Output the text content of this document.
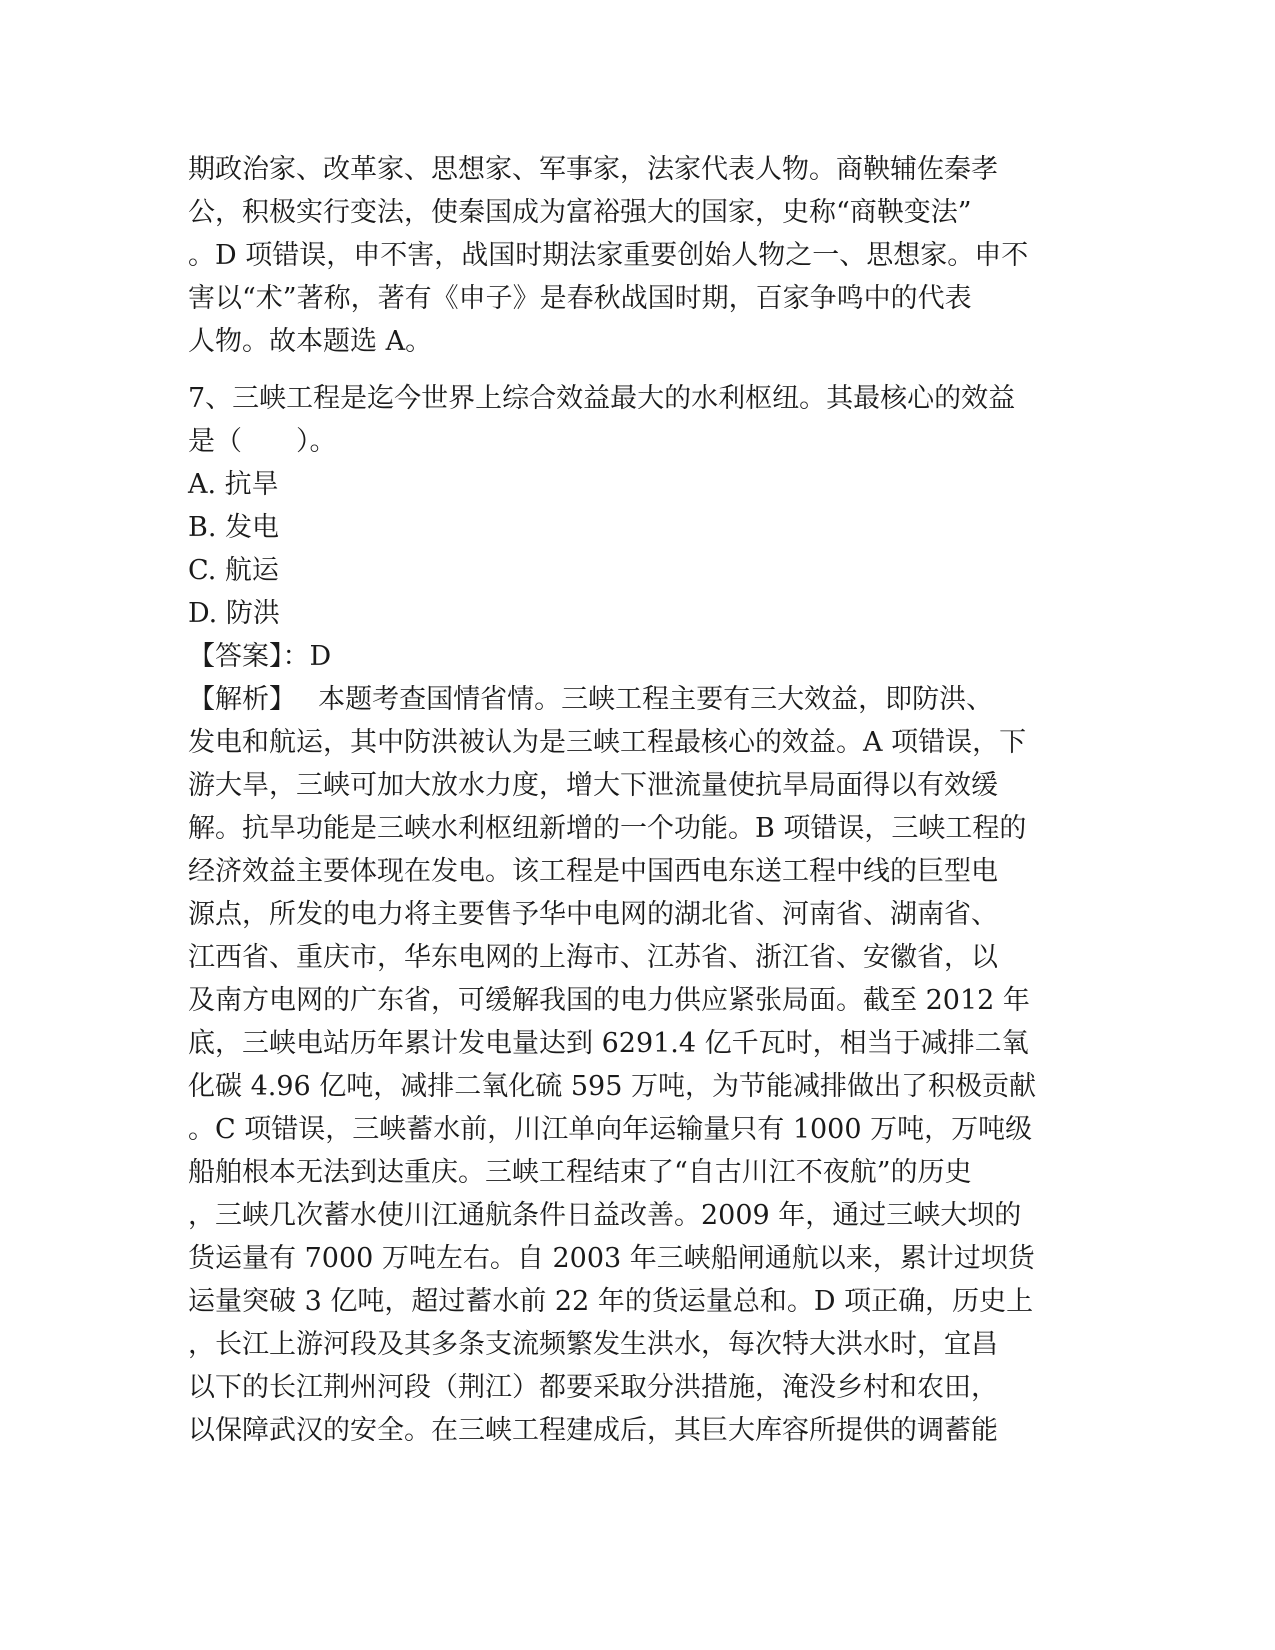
期政治家、改革家、思想家、军事家，法家代表人物。商鞅辅佐秦孝
公，积极实行变法，使秦国成为富裕强大的国家，史称“商鞅变法”
。D 项错误，申不害，战国时期法家重要创始人物之一、思想家。申不
害以“术”著称，著有《申子》是春秋战国时期，百家争鸣中的代表
人物。故本题选 A。
7、三峡工程是迄今世界上综合效益最大的水利枢纽。其最核心的效益
是（　　）。
A. 抗旱
B. 发电
C. 航运
D. 防洪
【答案】：D
【解析】　 本题考查国情省情。三峡工程主要有三大效益，即防洪、
发电和航运，其中防洪被认为是三峡工程最核心的效益。A 项错误，下
游大旱，三峡可加大放水力度，增大下泄流量使抗旱局面得以有效缓
解。抗旱功能是三峡水利枢纽新增的一个功能。B 项错误，三峡工程的
经济效益主要体现在发电。该工程是中国西电东送工程中线的巨型电
源点，所发的电力将主要售予华中电网的湖北省、河南省、湖南省、
江西省、重庆市，华东电网的上海市、江苏省、浙江省、安徽省，以
及南方电网的广东省，可缓解我国的电力供应紧张局面。截至 2012 年
底，三峡电站历年累计发电量达到 6291.4 亿千瓦时，相当于减排二氧
化碳 4.96 亿吨，减排二氧化硫 595 万吨，为节能减排做出了积极贡献
。C 项错误，三峡蓄水前，川江单向年运输量只有 1000 万吨，万吨级
船舶根本无法到达重庆。三峡工程结束了“自古川江不夜航”的历史
，三峡几次蓄水使川江通航条件日益改善。2009 年，通过三峡大坝的
货运量有 7000 万吨左右。自 2003 年三峡船闸通航以来，累计过坝货
运量突破 3 亿吨，超过蓄水前 22 年的货运量总和。D 项正确，历史上
，长江上游河段及其多条支流频繁发生洪水，每次特大洪水时，宜昌
以下的长江荆州河段（荆江）都要采取分洪措施，淹没乡村和农田，
以保障武汉的安全。在三峡工程建成后，其巨大库容所提供的调蓄能
